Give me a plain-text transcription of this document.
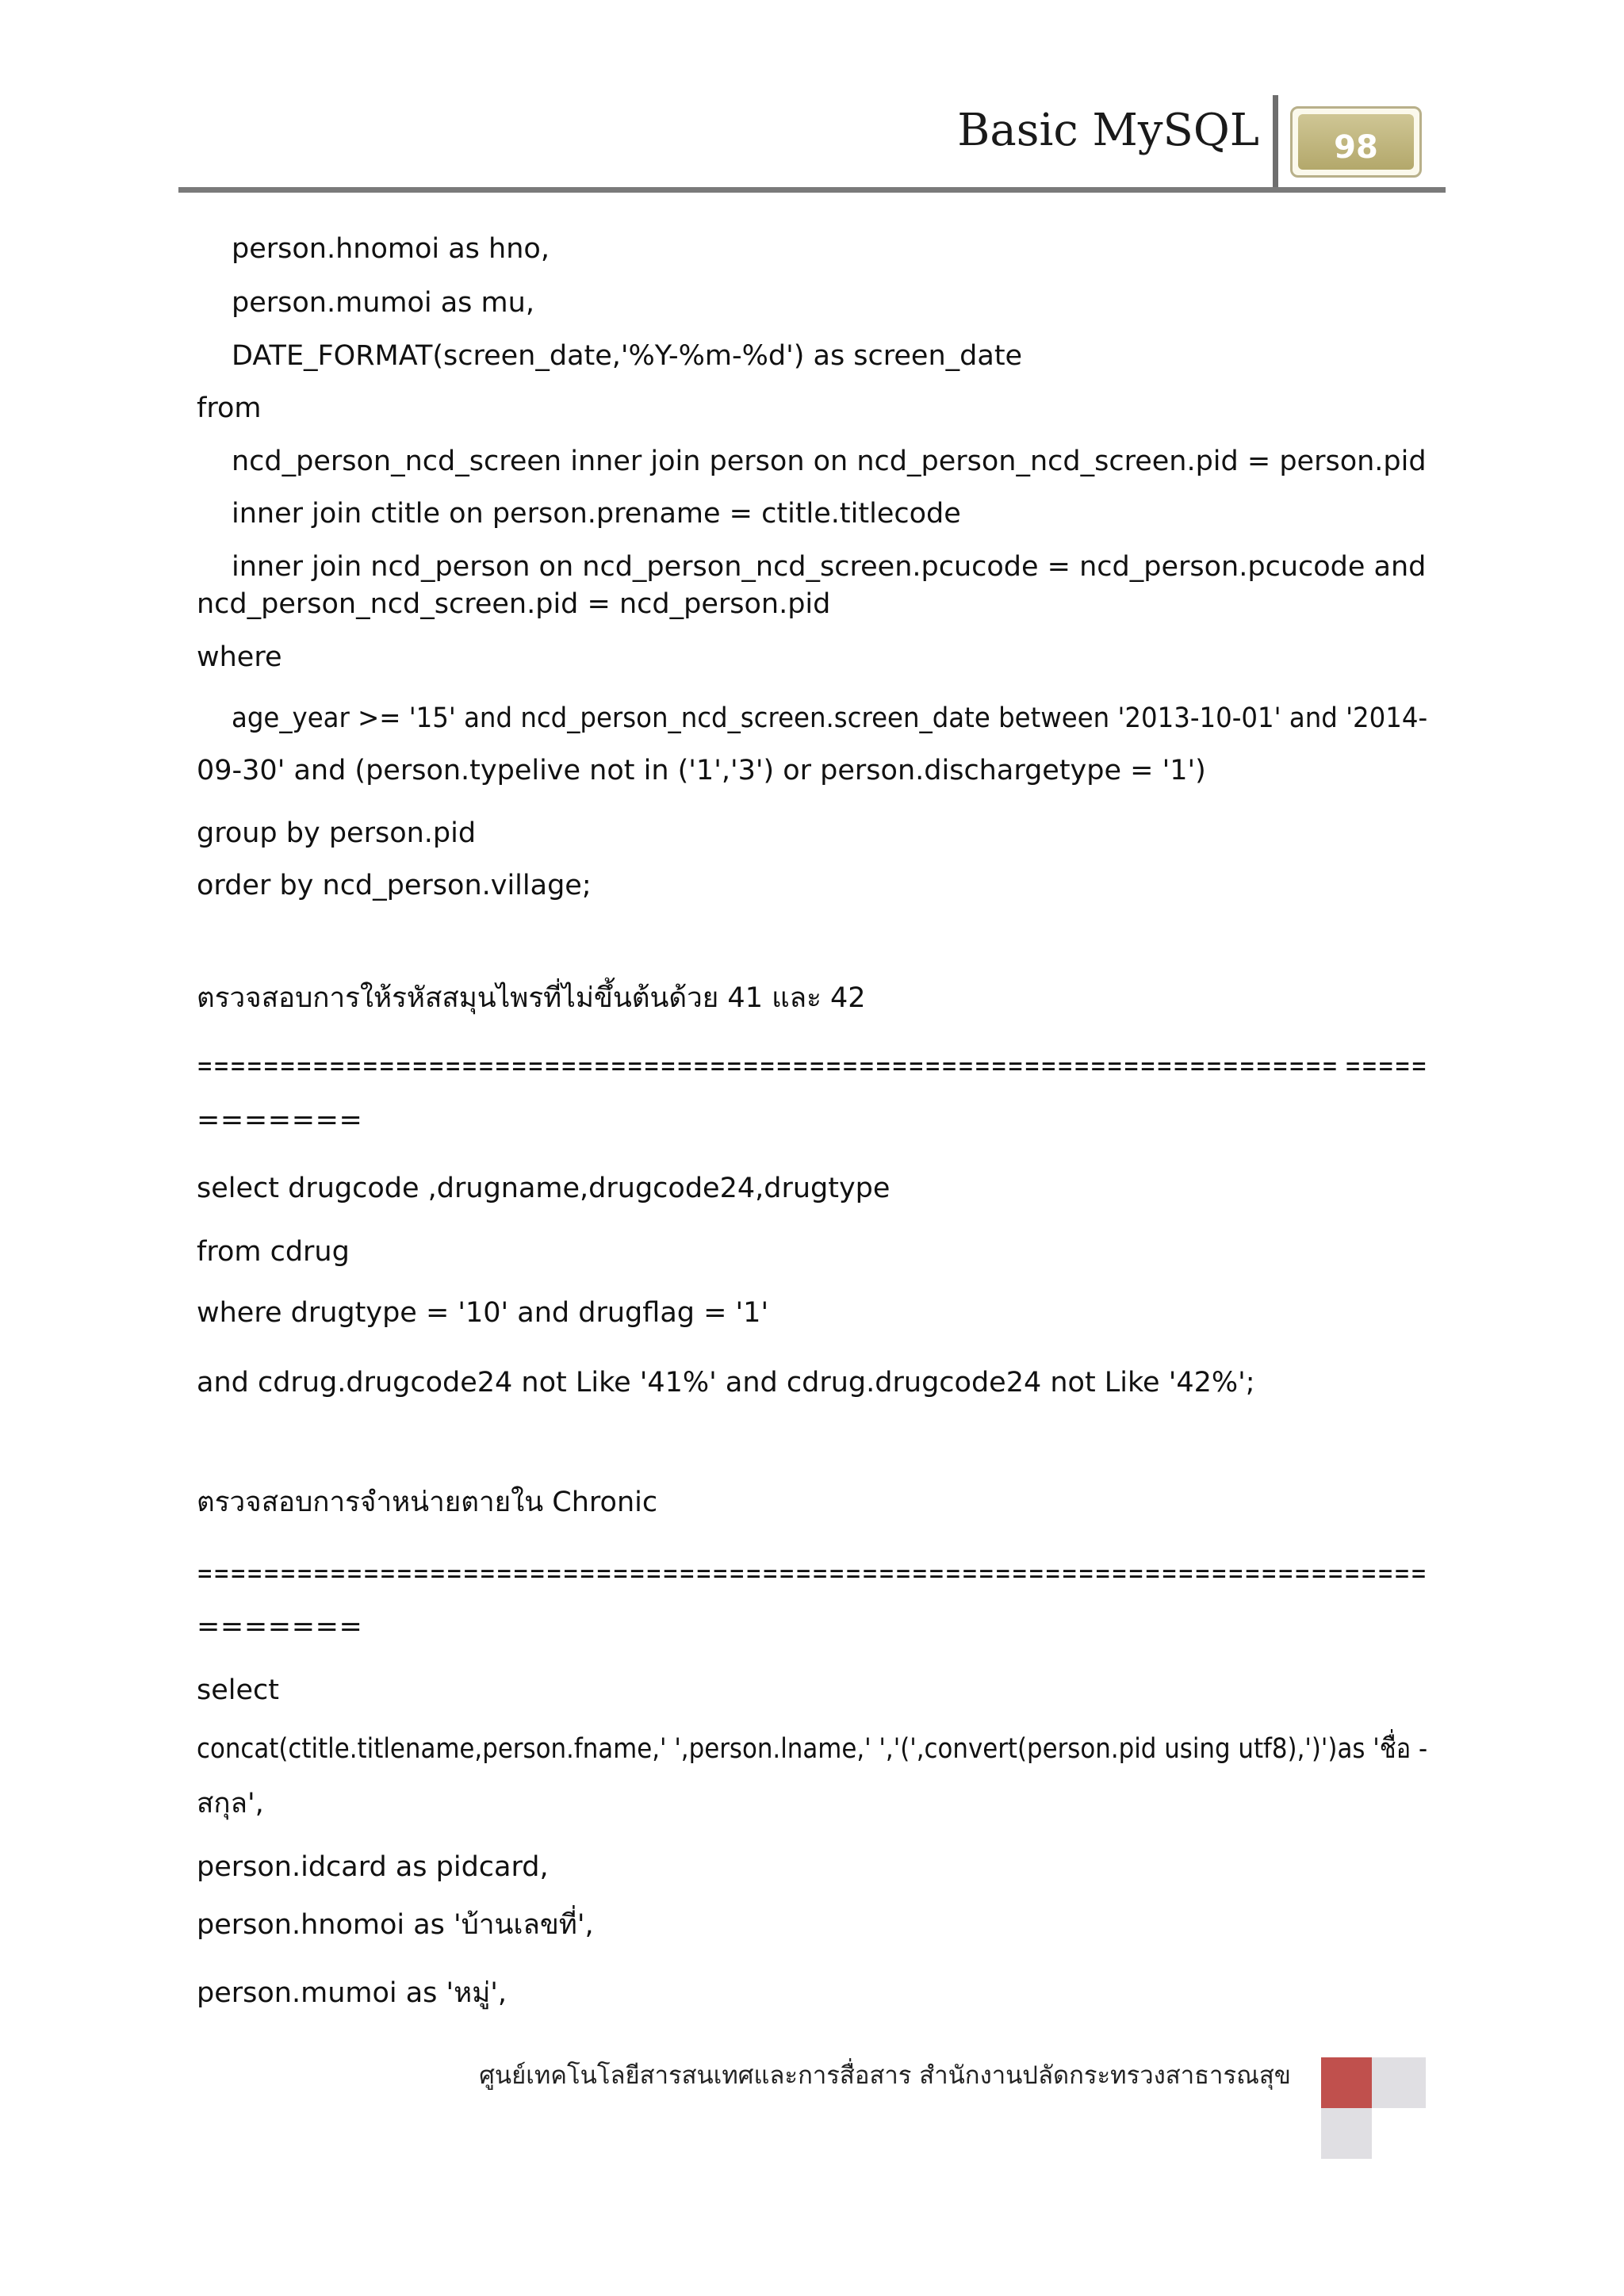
Basic MySQL 98
person.hnomoi as hno,
person.mumoi as mu,
DATE_FORMAT(screen_date,'%Y-%m-%d') as screen_date
from
ncd_person_ncd_screen inner join person on ncd_person_ncd_screen.pid = person.pid
inner join ctitle on person.prename = ctitle.titlecode
inner join ncd_person on ncd_person_ncd_screen.pcucode = ncd_person.pcucode and
ncd_person_ncd_screen.pid = ncd_person.pid
where
age_year >= '15' and ncd_person_ncd_screen.screen_date between '2013-10-01' and '2014-
09-30' and (person.typelive not in ('1','3') or person.dischargetype = '1')
group by person.pid
order by ncd_person.village;
ตรวจสอบการให้รหัสสมุนไพรที่ไม่ขึ้นต้นด้วย 41 และ 42
===================================================================== =====
=======
select drugcode ,drugname,drugcode24,drugtype
from cdrug
where drugtype = '10' and drugflag = '1'
and cdrug.drugcode24 not Like '41%' and cdrug.drugcode24 not Like '42%';
ตรวจสอบการจำหน่ายตายใน Chronic
==========================================================================
=======
select
concat(ctitle.titlename,person.fname,' ',person.lname,' ','(',convert(person.pid using utf8),')')as 'ชื่อ -
สกุล',
person.idcard as pidcard,
person.hnomoi as 'บ้านเลขที่',
person.mumoi as 'หมู่',
ศูนย์เทคโนโลยีสารสนเทศและการสื่อสาร สำนักงานปลัดกระทรวงสาธารณสุข
